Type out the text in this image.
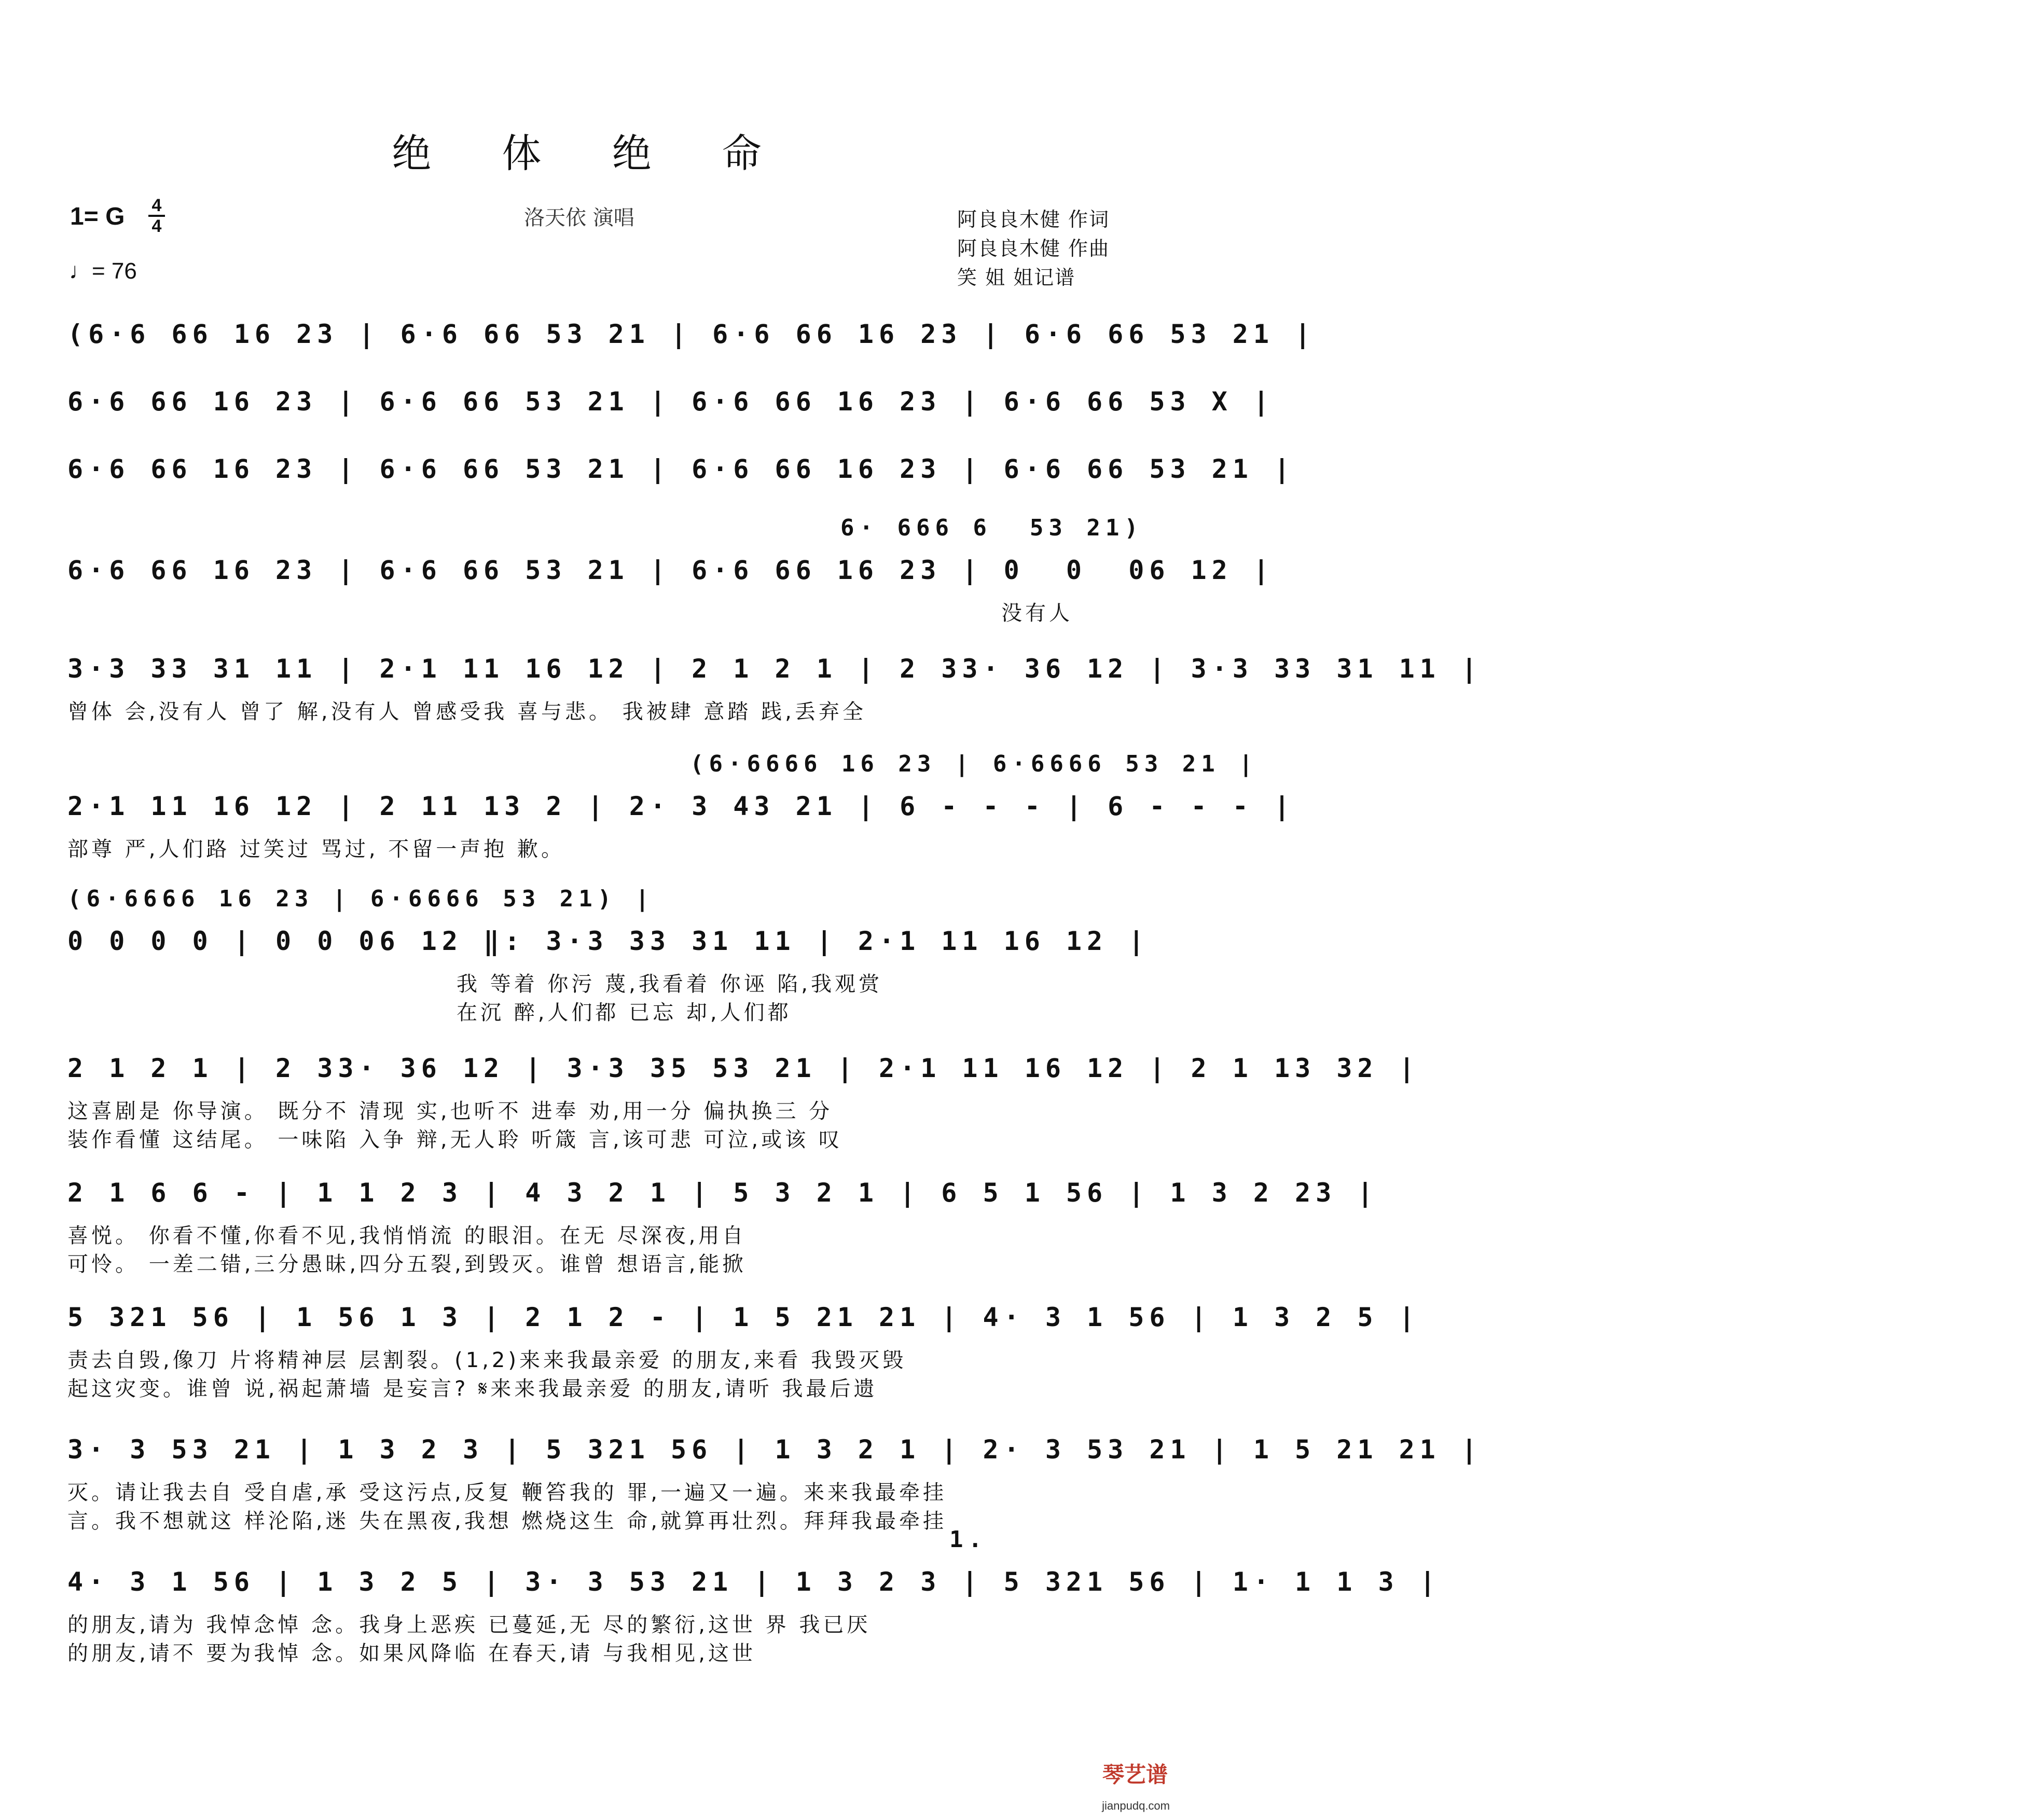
绝 体 绝 命
1= G	4
4
♩= 76
洛天依 演唱	阿良良木健 作词
阿良良木健 作曲
笑 姐 姐记谱
(6·6 66 16 23 | 6·6 66 53 21 | 6·6 66 16 23 | 6·6 66 53 21 |
6·6 66 16 23 | 6·6 66 53 21 | 6·6 66 16 23 | 6·6 66 53 X |
6·6 66 16 23 | 6·6 66 53 21 | 6·6 66 16 23 | 6·6 66 53 21 |
6· 666 6  53 21)
6·6 66 16 23 | 6·6 66 53 21 | 6·6 66 16 23 | 0  0  06 12 |
没有人
3·3 33 31 11 | 2·1 11 16 12 | 2 1 2 1 | 2 33· 36 12 | 3·3 33 31 11 |
曾体 会,没有人 曾了 解,没有人 曾感受我 喜与悲。 我被肆 意踏 践,丢弃全
(6·6666 16 23 | 6·6666 53 21 |
2·1 11 16 12 | 2 11 13 2 | 2· 3 43 21 | 6 - - - | 6 - - - |
部尊 严,人们路 过笑过 骂过, 不留一声抱 歉。
(6·6666 16 23 | 6·6666 53 21) |
0 0 0 0 | 0 0 06 12 ‖: 3·3 33 31 11 | 2·1 11 16 12 |
我 等着 你污 蔑,我看着 你诬 陷,我观赏
在沉 醉,人们都 已忘 却,人们都
2 1 2 1 | 2 33· 36 12 | 3·3 35 53 21 | 2·1 11 16 12 | 2 1 13 32 |
这喜剧是 你导演。 既分不 清现 实,也听不 进奉 劝,用一分 偏执换三 分
装作看懂 这结尾。 一味陷 入争 辩,无人聆 听箴 言,该可悲 可泣,或该 叹
2 1 6 6 - | 1 1 2 3 | 4 3 2 1 | 5 3 2 1 | 6 5 1 56 | 1 3 2 23 |
喜悦。 你看不懂,你看不见,我悄悄流 的眼泪。在无 尽深夜,用自
可怜。 一差二错,三分愚昧,四分五裂,到毁灭。谁曾 想语言,能掀
5 321 56 | 1 56 1 3 | 2 1 2 - | 1 5 21 21 | 4· 3 1 56 | 1 3 2 5 |
责去自毁,像刀 片将精神层 层割裂。(1,2)来来我最亲爱 的朋友,来看 我毁灭毁
起这灾变。谁曾 说,祸起萧墙 是妄言? 𝄋来来我最亲爱 的朋友,请听 我最后遗
3· 3 53 21 | 1 3 2 3 | 5 321 56 | 1 3 2 1 | 2· 3 53 21 | 1 5 21 21 |
灭。请让我去自 受自虐,承 受这污点,反复 鞭笞我的 罪,一遍又一遍。来来我最牵挂
言。我不想就这 样沦陷,迷 失在黑夜,我想 燃烧这生 命,就算再壮烈。拜拜我最牵挂
1.
4· 3 1 56 | 1 3 2 5 | 3· 3 53 21 | 1 3 2 3 | 5 321 56 | 1· 1 1 3 |
的朋友,请为 我悼念悼 念。我身上恶疾 已蔓延,无 尽的繁衍,这世 界 我已厌
的朋友,请不 要为我悼 念。如果风降临 在春天,请 与我相见,这世
琴艺谱
jianpudq.com
